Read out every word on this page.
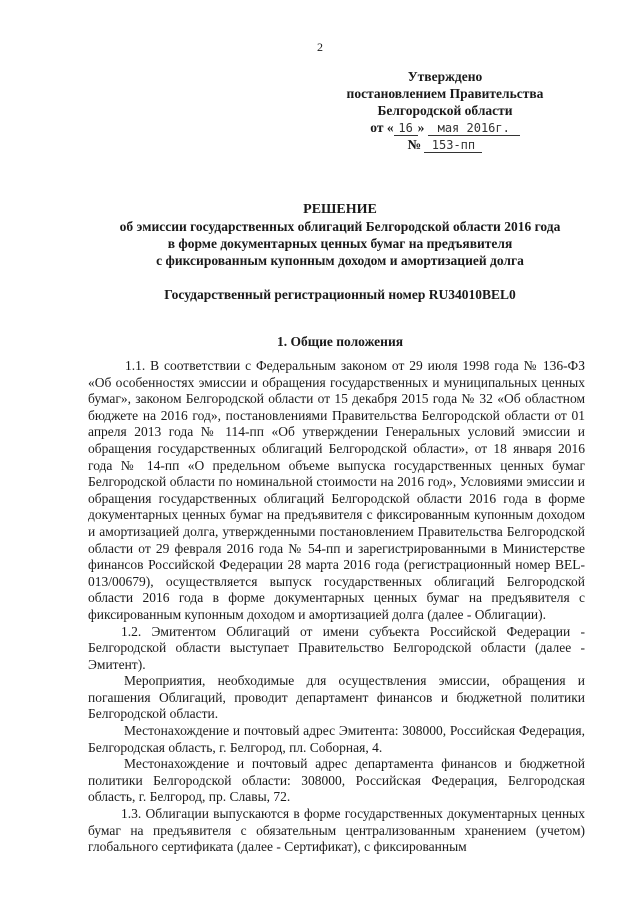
2
Утверждено
постановлением Правительства
Белгородской области
от « 16 » мая 2016г.
№ 153-пп
РЕШЕНИЕ
об эмиссии государственных облигаций Белгородской области 2016 года
в форме документарных ценных бумаг на предъявителя
с фиксированным купонным доходом и амортизацией долга
Государственный регистрационный номер RU34010BEL0
1. Общие положения

1.1. В соответствии с Федеральным законом от 29 июля 1998 года № 136-ФЗ «Об особенностях эмиссии и обращения государственных и муниципальных ценных бумаг», законом Белгородской области от 15 декабря 2015 года № 32 «Об областном бюджете на 2016 год», постановлениями Правительства Белгородской области от 01 апреля 2013 года № 114-пп «Об утверждении Генеральных условий эмиссии и обращения государственных облигаций Белгородской области», от 18 января 2016 года № 14-пп «О предельном объеме выпуска государственных ценных бумаг Белгородской области по номинальной стоимости на 2016 год», Условиями эмиссии и обращения государственных облигаций Белгородской области 2016 года в форме документарных ценных бумаг на предъявителя с фиксированным купонным доходом и амортизацией долга, утвержденными постановлением Правительства Белгородской области от 29 февраля 2016 года № 54-пп и зарегистрированными в Министерстве финансов Российской Федерации 28 марта 2016 года (регистрационный номер BEL-013/00679), осуществляется выпуск государственных облигаций Белгородской области 2016 года в форме документарных ценных бумаг на предъявителя с фиксированным купонным доходом и амортизацией долга (далее - Облигации).

1.2. Эмитентом Облигаций от имени субъекта Российской Федерации - Белгородской области выступает Правительство Белгородской области (далее - Эмитент).

Мероприятия, необходимые для осуществления эмиссии, обращения и погашения Облигаций, проводит департамент финансов и бюджетной политики Белгородской области.

Местонахождение и почтовый адрес Эмитента: 308000, Российская Федерация, Белгородская область, г. Белгород, пл. Соборная, 4.

Местонахождение и почтовый адрес департамента финансов и бюджетной политики Белгородской области: 308000, Российская Федерация, Белгородская область, г. Белгород, пр. Славы, 72.

1.3. Облигации выпускаются в форме государственных документарных ценных бумаг на предъявителя с обязательным централизованным хранением (учетом) глобального сертификата (далее - Сертификат), с фиксированным
